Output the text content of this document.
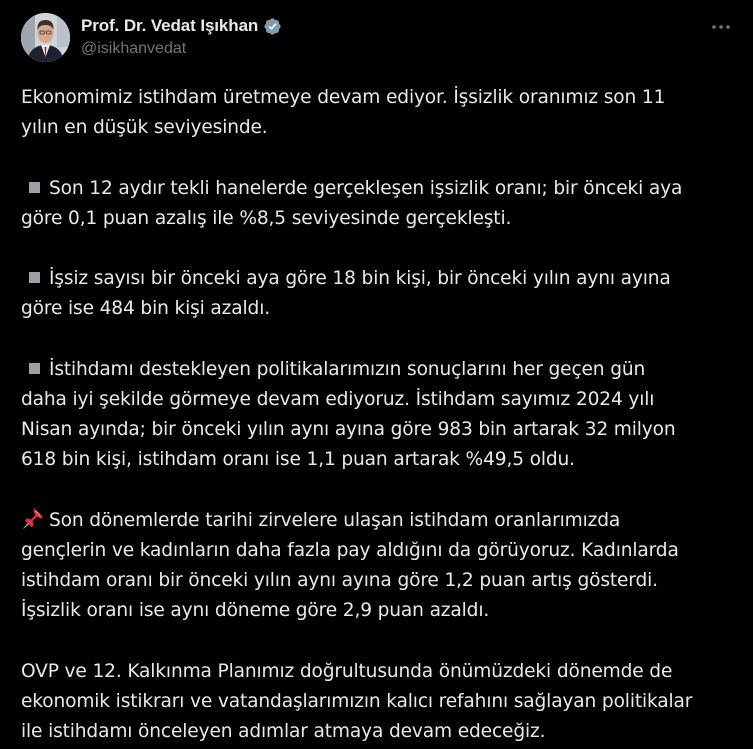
Prof. Dr. Vedat Işıkhan
@isikhanvedat

Ekonomimiz istihdam üretmeye devam ediyor. İşsizlik oranımız son 11
yılın en düşük seviyesinde.

Son 12 aydır tekli hanelerde gerçekleşen işsizlik oranı; bir önceki aya
göre 0,1 puan azalış ile %8,5 seviyesinde gerçekleşti.

İşsiz sayısı bir önceki aya göre 18 bin kişi, bir önceki yılın aynı ayına
göre ise 484 bin kişi azaldı.

İstihdamı destekleyen politikalarımızın sonuçlarını her geçen gün
daha iyi şekilde görmeye devam ediyoruz. İstihdam sayımız 2024 yılı
Nisan ayında; bir önceki yılın aynı ayına göre 983 bin artarak 32 milyon
618 bin kişi, istihdam oranı ise 1,1 puan artarak %49,5 oldu.

Son dönemlerde tarihi zirvelere ulaşan istihdam oranlarımızda
gençlerin ve kadınların daha fazla pay aldığını da görüyoruz. Kadınlarda
istihdam oranı bir önceki yılın aynı ayına göre 1,2 puan artış gösterdi.
İşsizlik oranı ise aynı döneme göre 2,9 puan azaldı.

OVP ve 12. Kalkınma Planımız doğrultusunda önümüzdeki dönemde de
ekonomik istikrarı ve vatandaşlarımızın kalıcı refahını sağlayan politikalar
ile istihdamı önceleyen adımlar atmaya devam edeceğiz.
